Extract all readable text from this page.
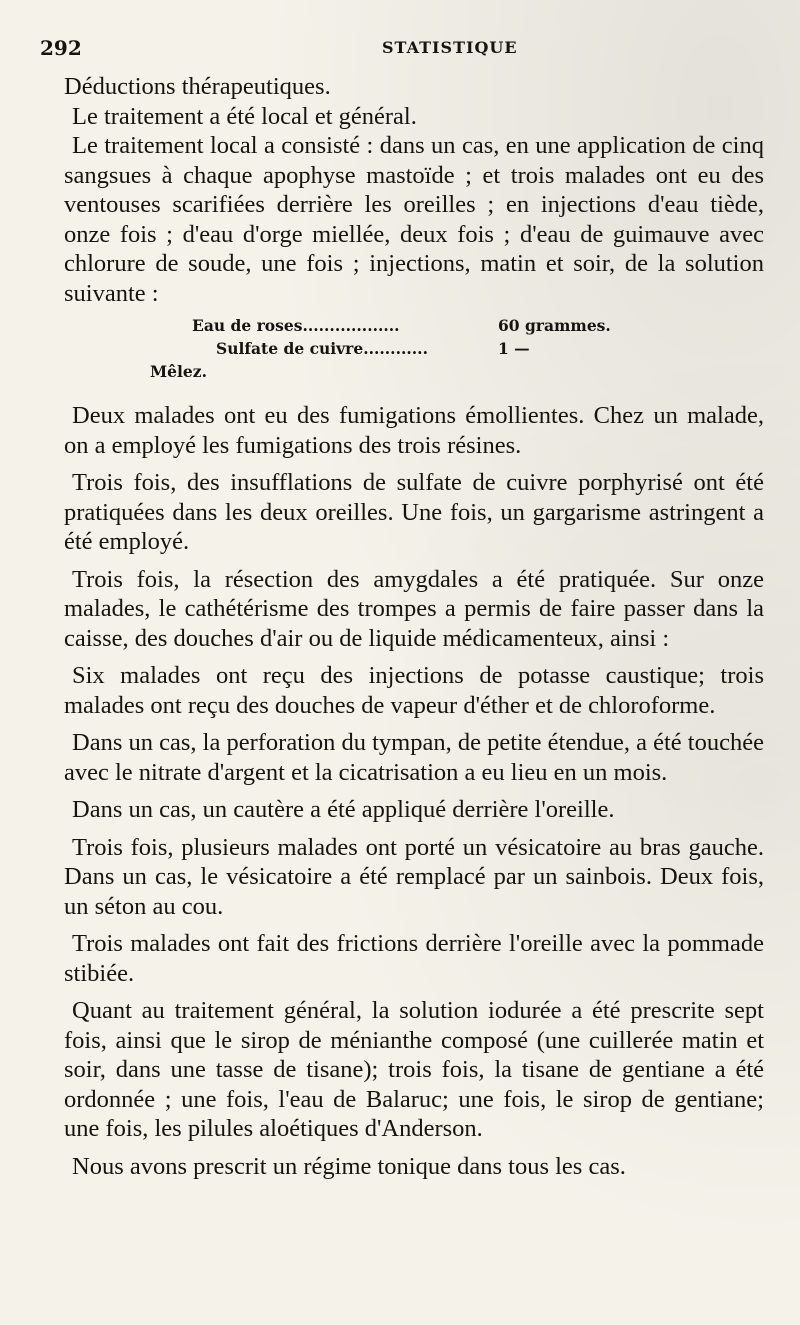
292	STATISTIQUE

Déductions thérapeutiques.

Le traitement a été local et général.

Le traitement local a consisté : dans un cas, en une application de cinq sangsues à chaque apophyse mastoïde ; et trois malades ont eu des ventouses scarifiées derrière les oreilles ; en injections d'eau tiède, onze fois ; d'eau d'orge miellée, deux fois ; d'eau de guimauve avec chlorure de soude, une fois ; injections, matin et soir, de la solution suivante :

Eau de roses..................	60 grammes.
Sulfate de cuivre............	1 —
Mêlez.

Deux malades ont eu des fumigations émollientes. Chez un malade, on a employé les fumigations des trois résines.

Trois fois, des insufflations de sulfate de cuivre porphyrisé ont été pratiquées dans les deux oreilles. Une fois, un gargarisme astringent a été employé.

Trois fois, la résection des amygdales a été pratiquée. Sur onze malades, le cathétérisme des trompes a permis de faire passer dans la caisse, des douches d'air ou de liquide médicamenteux, ainsi :

Six malades ont reçu des injections de potasse caustique; trois malades ont reçu des douches de vapeur d'éther et de chloroforme.

Dans un cas, la perforation du tympan, de petite étendue, a été touchée avec le nitrate d'argent et la cicatrisation a eu lieu en un mois.

Dans un cas, un cautère a été appliqué derrière l'oreille.

Trois fois, plusieurs malades ont porté un vésicatoire au bras gauche. Dans un cas, le vésicatoire a été remplacé par un sainbois. Deux fois, un séton au cou.

Trois malades ont fait des frictions derrière l'oreille avec la pommade stibiée.

Quant au traitement général, la solution iodurée a été prescrite sept fois, ainsi que le sirop de ménianthe composé (une cuillerée matin et soir, dans une tasse de tisane); trois fois, la tisane de gentiane a été ordonnée ; une fois, l'eau de Balaruc; une fois, le sirop de gentiane; une fois, les pilules aloétiques d'Anderson.

Nous avons prescrit un régime tonique dans tous les cas.
